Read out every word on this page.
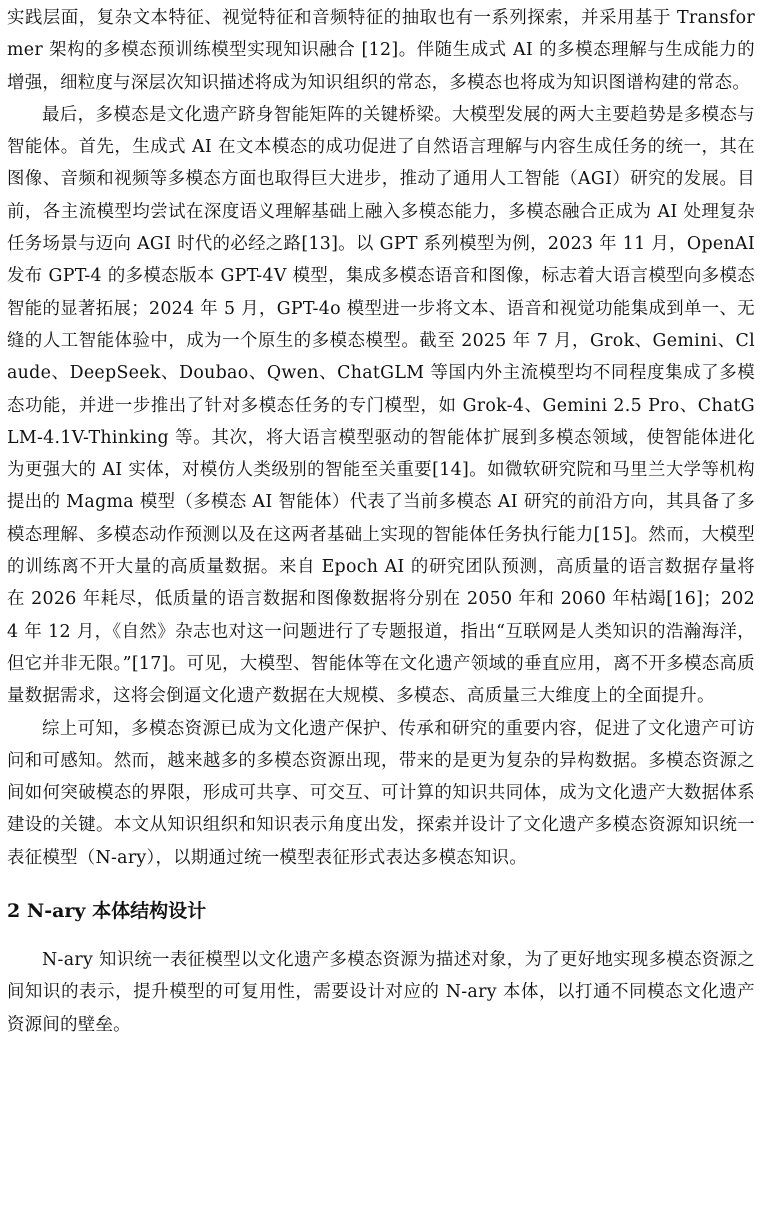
实践层面，复杂文本特征、视觉特征和音频特征的抽取也有一系列探索，并采用基于 Transformer 架构的多模态预训练模型实现知识融合 [12]。伴随生成式 AI 的多模态理解与生成能力的增强，细粒度与深层次知识描述将成为知识组织的常态，多模态也将成为知识图谱构建的常态。

最后，多模态是文化遗产跻身智能矩阵的关键桥梁。大模型发展的两大主要趋势是多模态与智能体。首先，生成式 AI 在文本模态的成功促进了自然语言理解与内容生成任务的统一，其在图像、音频和视频等多模态方面也取得巨大进步，推动了通用人工智能（AGI）研究的发展。目前，各主流模型均尝试在深度语义理解基础上融入多模态能力，多模态融合正成为 AI 处理复杂任务场景与迈向 AGI 时代的必经之路[13]。以 GPT 系列模型为例，2023 年 11 月，OpenAI 发布 GPT-4 的多模态版本 GPT-4V 模型，集成多模态语音和图像，标志着大语言模型向多模态智能的显著拓展；2024 年 5 月，GPT-4o 模型进一步将文本、语音和视觉功能集成到单一、无缝的人工智能体验中，成为一个原生的多模态模型。截至 2025 年 7 月，Grok、Gemini、Claude、DeepSeek、Doubao、Qwen、ChatGLM 等国内外主流模型均不同程度集成了多模态功能，并进一步推出了针对多模态任务的专门模型，如 Grok-4、Gemini 2.5 Pro、ChatGLM-4.1V-Thinking 等。其次，将大语言模型驱动的智能体扩展到多模态领域，使智能体进化为更强大的 AI 实体，对模仿人类级别的智能至关重要[14]。如微软研究院和马里兰大学等机构提出的 Magma 模型（多模态 AI 智能体）代表了当前多模态 AI 研究的前沿方向，其具备了多模态理解、多模态动作预测以及在这两者基础上实现的智能体任务执行能力[15]。然而，大模型的训练离不开大量的高质量数据。来自 Epoch AI 的研究团队预测，高质量的语言数据存量将在 2026 年耗尽，低质量的语言数据和图像数据将分别在 2050 年和 2060 年枯竭[16]；2024 年 12 月，《自然》杂志也对这一问题进行了专题报道，指出“互联网是人类知识的浩瀚海洋，但它并非无限。”[17]。可见，大模型、智能体等在文化遗产领域的垂直应用，离不开多模态高质量数据需求，这将会倒逼文化遗产数据在大规模、多模态、高质量三大维度上的全面提升。

综上可知，多模态资源已成为文化遗产保护、传承和研究的重要内容，促进了文化遗产可访问和可感知。然而，越来越多的多模态资源出现，带来的是更为复杂的异构数据。多模态资源之间如何突破模态的界限，形成可共享、可交互、可计算的知识共同体，成为文化遗产大数据体系建设的关键。本文从知识组织和知识表示角度出发，探索并设计了文化遗产多模态资源知识统一表征模型（N-ary），以期通过统一模型表征形式表达多模态知识。

2 N-ary 本体结构设计

N-ary 知识统一表征模型以文化遗产多模态资源为描述对象，为了更好地实现多模态资源之间知识的表示，提升模型的可复用性，需要设计对应的 N-ary 本体，以打通不同模态文化遗产资源间的壁垒。
